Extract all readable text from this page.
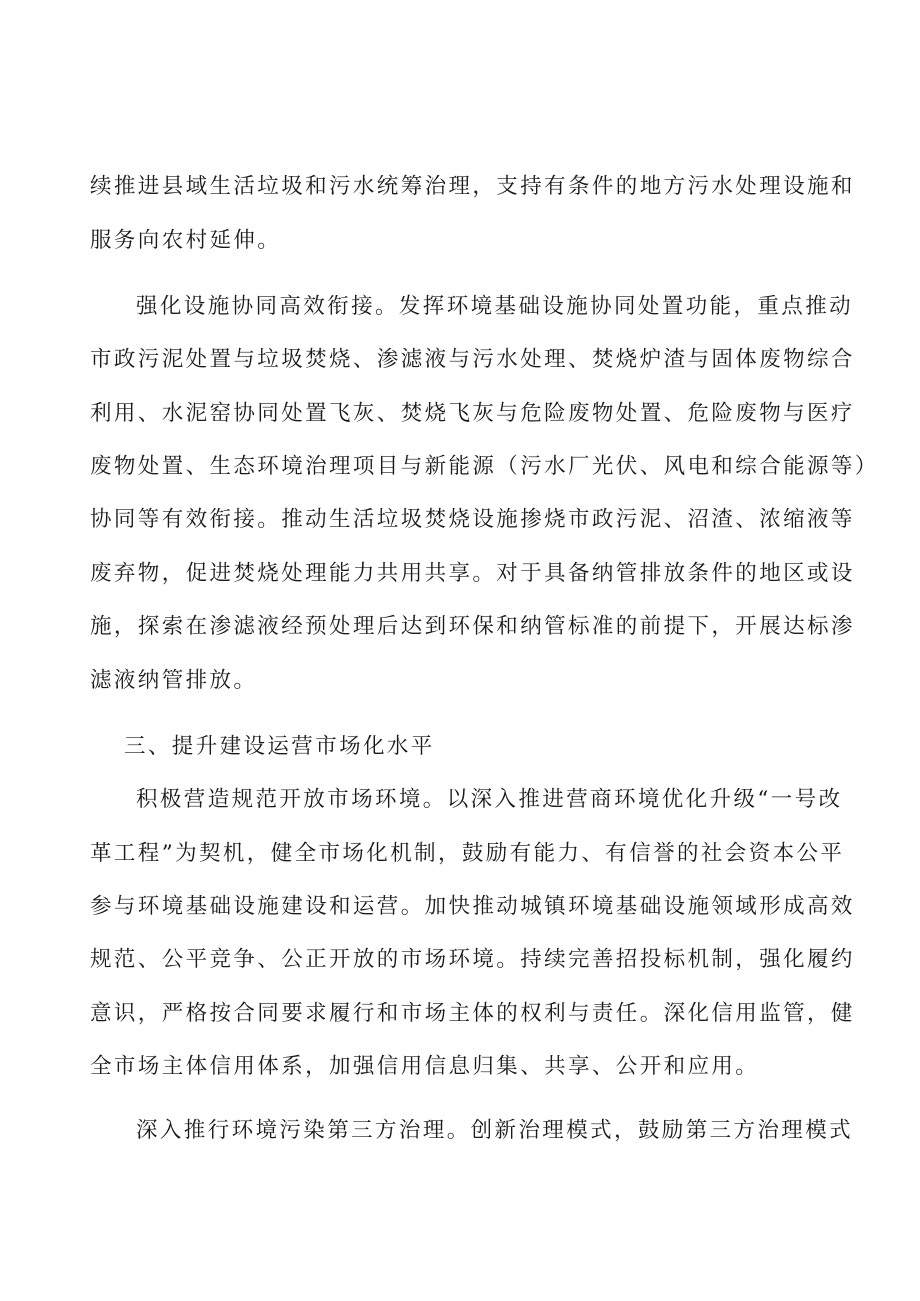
续推进县域生活垃圾和污水统筹治理，支持有条件的地方污水处理设施和
服务向农村延伸。
强化设施协同高效衔接。发挥环境基础设施协同处置功能，重点推动
市政污泥处置与垃圾焚烧、渗滤液与污水处理、焚烧炉渣与固体废物综合
利用、水泥窑协同处置飞灰、焚烧飞灰与危险废物处置、危险废物与医疗
废物处置、生态环境治理项目与新能源（污水厂光伏、风电和综合能源等）
协同等有效衔接。推动生活垃圾焚烧设施掺烧市政污泥、沼渣、浓缩液等
废弃物，促进焚烧处理能力共用共享。对于具备纳管排放条件的地区或设
施，探索在渗滤液经预处理后达到环保和纳管标准的前提下，开展达标渗
滤液纳管排放。
三、提升建设运营市场化水平
积极营造规范开放市场环境。以深入推进营商环境优化升级“一号改
革工程”为契机，健全市场化机制，鼓励有能力、有信誉的社会资本公平
参与环境基础设施建设和运营。加快推动城镇环境基础设施领域形成高效
规范、公平竞争、公正开放的市场环境。持续完善招投标机制，强化履约
意识，严格按合同要求履行和市场主体的权利与责任。深化信用监管，健
全市场主体信用体系，加强信用信息归集、共享、公开和应用。
深入推行环境污染第三方治理。创新治理模式，鼓励第三方治理模式
